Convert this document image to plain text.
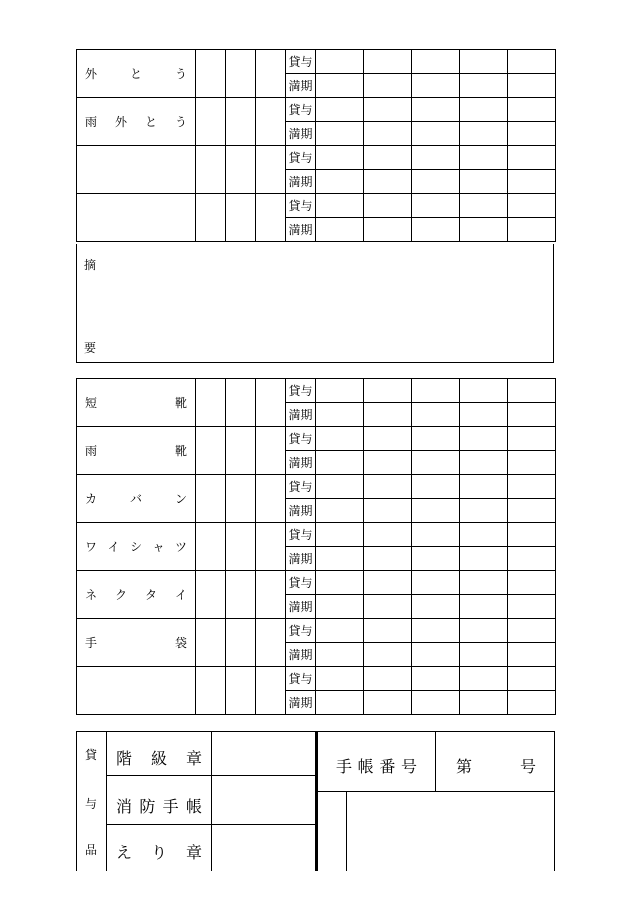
外 と う				貸与					
				満期					

雨 外 と う				貸与					
				満期					

				貸与					
				満期					

				貸与					
				満期					
摘
要
短 靴				貸与					
				満期					

雨 靴				貸与					
				満期					

カ バ ン				貸与					
				満期					

ワ イ シ ャ ツ				貸与					
				満期					

ネ ク タ イ				貸与					
				満期					

手 袋				貸与					
				満期					

				貸与					
				満期					
貸
与
品
階 級 章
消 防 手 帳
え り 章
手 帳 番 号 第	号
